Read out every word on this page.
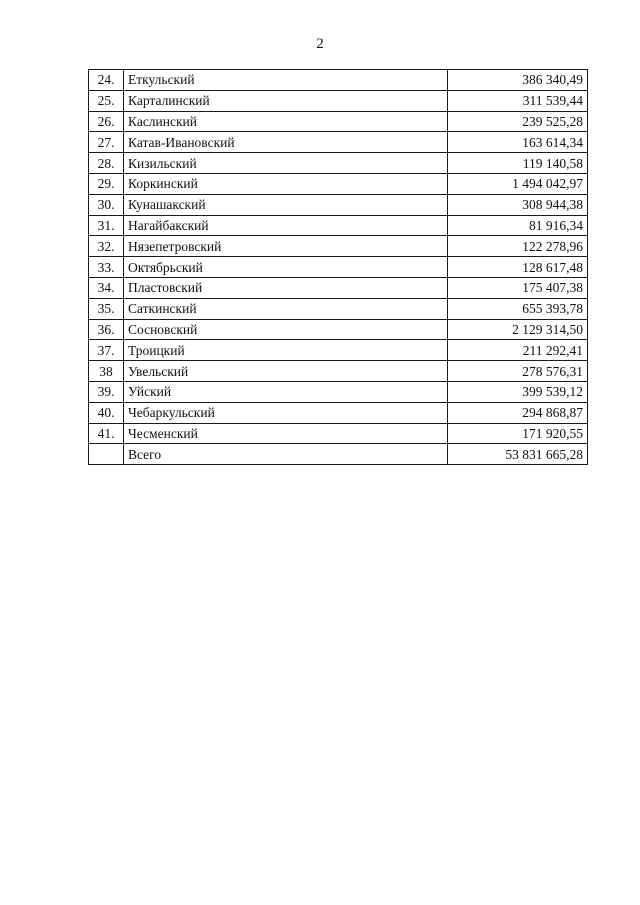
2
24.	Еткульский	386 340,49
25.	Карталинский	311 539,44
26.	Каслинский	239 525,28
27.	Катав-Ивановский	163 614,34
28.	Кизильский	119 140,58
29.	Коркинский	1 494 042,97
30.	Кунашакский	308 944,38
31.	Нагайбакский	81 916,34
32.	Нязепетровский	122 278,96
33.	Октябрьский	128 617,48
34.	Пластовский	175 407,38
35.	Саткинский	655 393,78
36.	Сосновский	2 129 314,50
37.	Троицкий	211 292,41
38	Увельский	278 576,31
39.	Уйский	399 539,12
40.	Чебаркульский	294 868,87
41.	Чесменский	171 920,55
	Всего	53 831 665,28
